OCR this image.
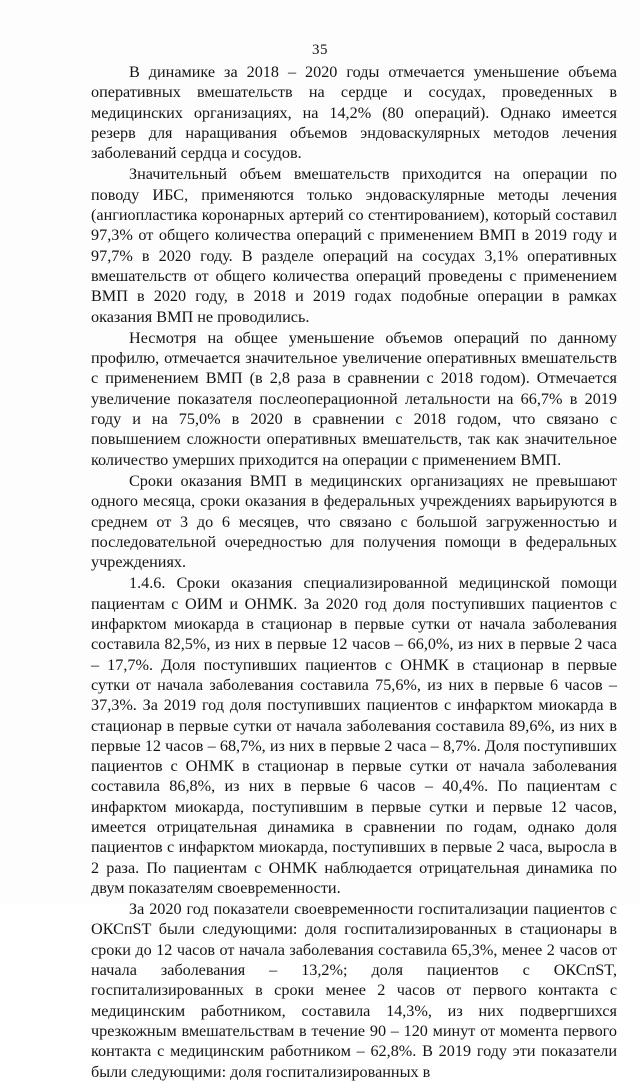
35

В динамике за 2018 – 2020 годы отмечается уменьшение объема оперативных вмешательств на сердце и сосудах, проведенных в медицинских организациях, на 14,2% (80 операций). Однако имеется резерв для наращивания объемов эндоваскулярных методов лечения заболеваний сердца и сосудов.

Значительный объем вмешательств приходится на операции по поводу ИБС, применяются только эндоваскулярные методы лечения (ангиопластика коронарных артерий со стентированием), который составил 97,3% от общего количества операций с применением ВМП в 2019 году и 97,7% в 2020 году. В разделе операций на сосудах 3,1% оперативных вмешательств от общего количества операций проведены с применением ВМП в 2020 году, в 2018 и 2019 годах подобные операции в рамках оказания ВМП не проводились.

Несмотря на общее уменьшение объемов операций по данному профилю, отмечается значительное увеличение оперативных вмешательств с применением ВМП (в 2,8 раза в сравнении с 2018 годом). Отмечается увеличение показателя послеоперационной летальности на 66,7% в 2019 году и на 75,0% в 2020 в сравнении с 2018 годом, что связано с повышением сложности оперативных вмешательств, так как значительное количество умерших приходится на операции с применением ВМП.

Сроки оказания ВМП в медицинских организациях не превышают одного месяца, сроки оказания в федеральных учреждениях варьируются в среднем от 3 до 6 месяцев, что связано с большой загруженностью и последовательной очередностью для получения помощи в федеральных учреждениях.

1.4.6. Сроки оказания специализированной медицинской помощи пациентам с ОИМ и ОНМК. За 2020 год доля поступивших пациентов с инфарктом миокарда в стационар в первые сутки от начала заболевания составила 82,5%, из них в первые 12 часов – 66,0%, из них в первые 2 часа – 17,7%. Доля поступивших пациентов с ОНМК в стационар в первые сутки от начала заболевания составила 75,6%, из них в первые 6 часов – 37,3%. За 2019 год доля поступивших пациентов с инфарктом миокарда в стационар в первые сутки от начала заболевания составила 89,6%, из них в первые 12 часов – 68,7%, из них в первые 2 часа – 8,7%. Доля поступивших пациентов с ОНМК в стационар в первые сутки от начала заболевания составила 86,8%, из них в первые 6 часов – 40,4%. По пациентам с инфарктом миокарда, поступившим в первые сутки и первые 12 часов, имеется отрицательная динамика в сравнении по годам, однако доля пациентов с инфарктом миокарда, поступивших в первые 2 часа, выросла в 2 раза. По пациентам с ОНМК наблюдается отрицательная динамика по двум показателям своевременности.

За 2020 год показатели своевременности госпитализации пациентов с ОКСпST были следующими: доля госпитализированных в стационары в сроки до 12 часов от начала заболевания составила 65,3%, менее 2 часов от начала заболевания – 13,2%; доля пациентов с ОКСпST, госпитализированных в сроки менее 2 часов от первого контакта с медицинским работником, составила 14,3%, из них подвергшихся чрезкожным вмешательствам в течение 90 – 120 минут от момента первого контакта с медицинским работником – 62,8%. В 2019 году эти показатели были следующими: доля госпитализированных в
